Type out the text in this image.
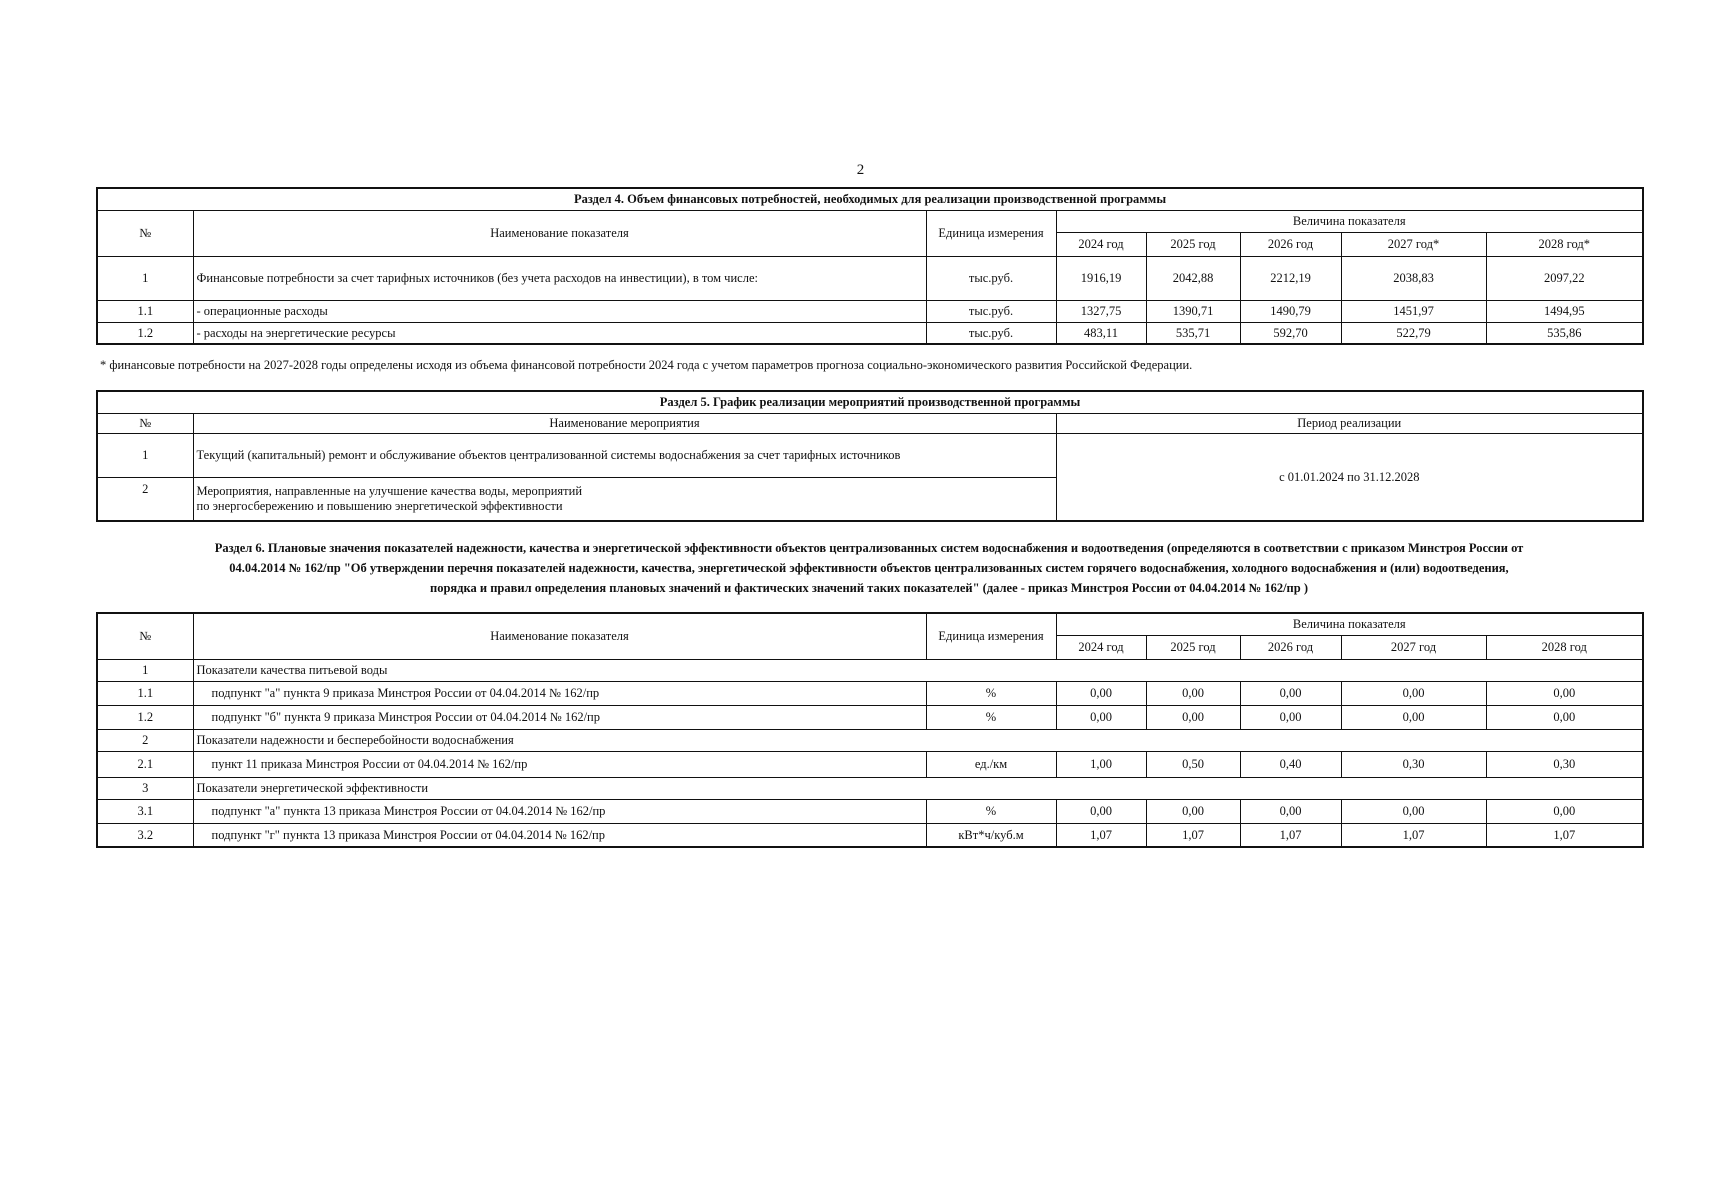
2
Раздел 4. Объем финансовых потребностей, необходимых для реализации производственной программы							
№	Наименование показателя	Единица измерения	Величина показателя				
			2024 год	2025 год	2026 год	2027 год*	2028 год*
1	Финансовые потребности за счет тарифных источников (без учета расходов на инвестиции), в том числе:	тыс.руб.	1916,19	2042,88	2212,19	2038,83	2097,22
1.1	- операционные расходы	тыс.руб.	1327,75	1390,71	1490,79	1451,97	1494,95
1.2	- расходы на энергетические ресурсы	тыс.руб.	483,11	535,71	592,70	522,79	535,86
* финансовые потребности на 2027-2028 годы определены исходя из объема финансовой потребности 2024 года с учетом параметров прогноза социально-экономического развития Российской Федерации.
Раздел 5. График реализации мероприятий производственной программы		
№	Наименование мероприятия	Период реализации
1	Текущий (капитальный) ремонт и обслуживание объектов централизованной системы водоснабжения за счет тарифных источников	с 01.01.2024 по 31.12.2028
2	Мероприятия, направленные на улучшение качества воды, мероприятий
по энергосбережению и повышению энергетической эффективности	
Раздел 6. Плановые значения показателей надежности, качества и энергетической эффективности объектов централизованных систем водоснабжения и водоотведения (определяются в соответствии с приказом Минстроя России от
04.04.2014 № 162/пр "Об утверждении перечня показателей надежности, качества, энергетической эффективности объектов централизованных систем горячего водоснабжения, холодного водоснабжения и (или) водоотведения,
порядка и правил определения плановых значений и фактических значений таких показателей" (далее - приказ Минстроя России от 04.04.2014 № 162/пр )
№	Наименование показателя	Единица измерения	Величина показателя				
			2024 год	2025 год	2026 год	2027 год	2028 год
1	Показатели качества питьевой воды						
1.1	подпункт "а" пункта 9 приказа Минстроя России от 04.04.2014 № 162/пр	%	0,00	0,00	0,00	0,00	0,00
1.2	подпункт "б" пункта 9 приказа Минстроя России от 04.04.2014 № 162/пр	%	0,00	0,00	0,00	0,00	0,00
2	Показатели надежности и бесперебойности водоснабжения						
2.1	пункт 11 приказа Минстроя России от 04.04.2014 № 162/пр	ед./км	1,00	0,50	0,40	0,30	0,30
3	Показатели энергетической эффективности						
3.1	подпункт "а" пункта 13 приказа Минстроя России от 04.04.2014 № 162/пр	%	0,00	0,00	0,00	0,00	0,00
3.2	подпункт "г" пункта 13 приказа Минстроя России от 04.04.2014 № 162/пр	кВт*ч/куб.м	1,07	1,07	1,07	1,07	1,07
